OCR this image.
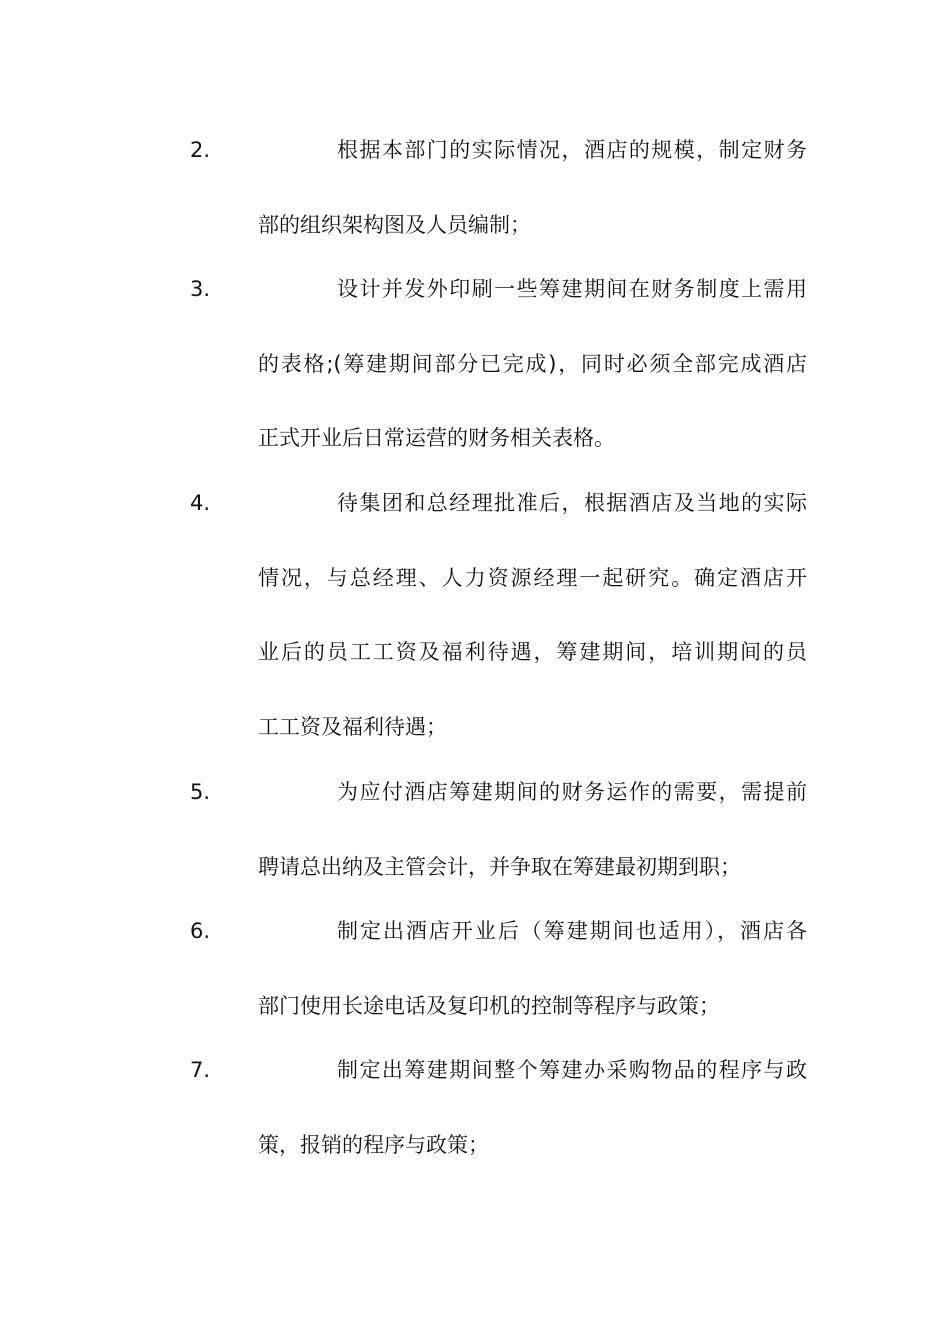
2.	根据本部门的实际情况，酒店的规模，制定财务
部的组织架构图及人员编制；
3.	设计并发外印刷一些筹建期间在财务制度上需用
的表格;(筹建期间部分已完成)，同时必须全部完成酒店
正式开业后日常运营的财务相关表格。
4.	待集团和总经理批准后，根据酒店及当地的实际
情况，与总经理、人力资源经理一起研究。确定酒店开
业后的员工工资及福利待遇，筹建期间，培训期间的员
工工资及福利待遇；
5.	为应付酒店筹建期间的财务运作的需要，需提前
聘请总出纳及主管会计，并争取在筹建最初期到职；
6.	制定出酒店开业后（筹建期间也适用），酒店各
部门使用长途电话及复印机的控制等程序与政策；
7.	制定出筹建期间整个筹建办采购物品的程序与政
策，报销的程序与政策；
